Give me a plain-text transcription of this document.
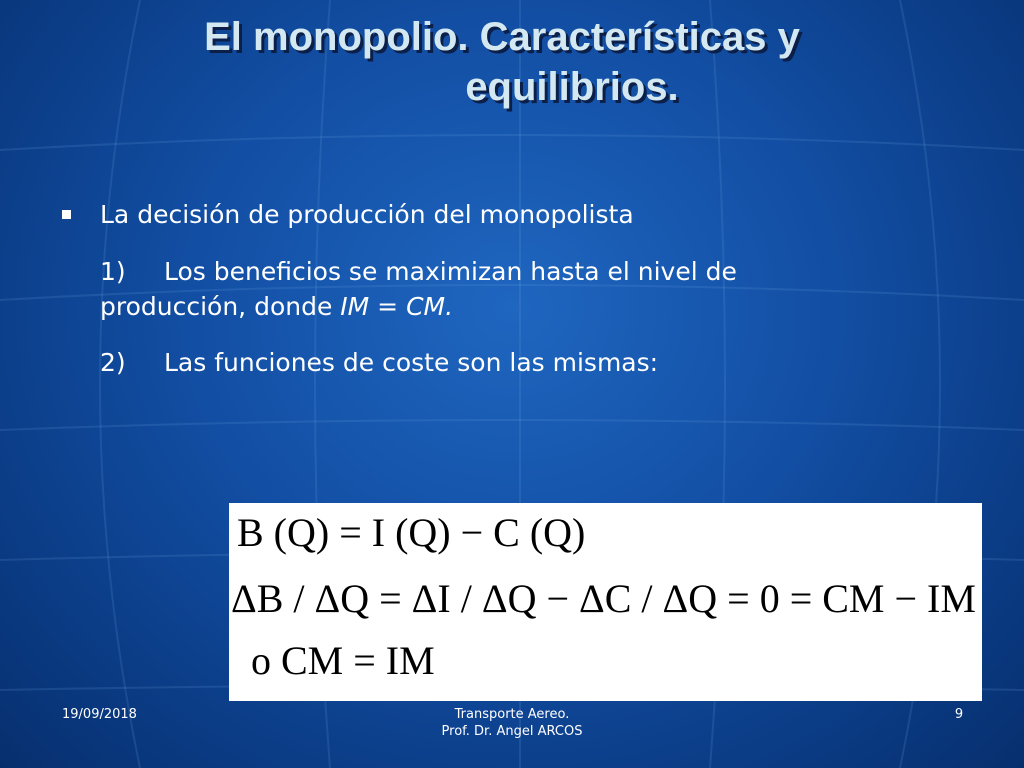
El monopolio. Características y
equilibrios.
La decisión de producción del monopolista
1) Los beneficios se maximizan hasta el nivel de
producción, donde IM = CM.
2) Las funciones de coste son las mismas:
B (Q) = I (Q) − C (Q)
ΔB / ΔQ = ΔI / ΔQ − ΔC / ΔQ = 0 = CM − IM
o CM = IM
19/09/2018	Transporte Aereo.
Prof. Dr. Angel ARCOS
9
